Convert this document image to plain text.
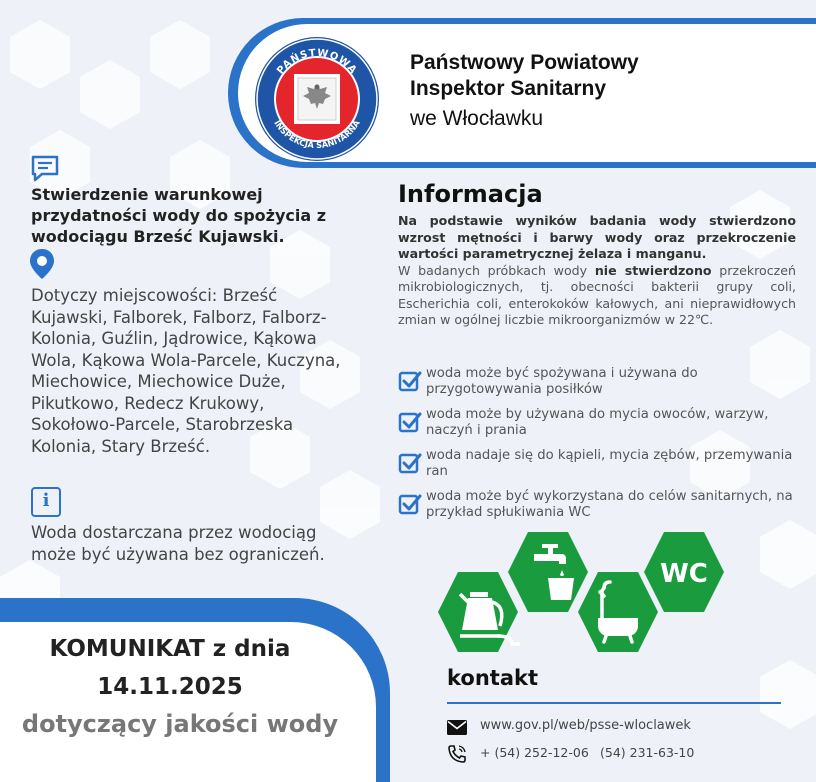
PAŃSTWOWA
INSPEKCJA SANITARNA
Państwowy Powiatowy
Inspektor Sanitarny
we Włocławku
Stwierdzenie warunkowej przydatności wody do spożycia z wodociągu Brześć Kujawski.
Dotyczy miejscowości: Brześć Kujawski, Falborek, Falborz, Falborz-Kolonia, Guźlin, Jądrowice, Kąkowa Wola, Kąkowa Wola-Parcele, Kuczyna, Miechowice, Miechowice Duże, Pikutkowo, Redecz Krukowy, Sokołowo-Parcele, Starobrzeska Kolonia, Stary Brześć.
i
Woda dostarczana przez wodociąg może być używana bez ograniczeń.
Informacja
Na podstawie wyników badania wody stwierdzono wzrost mętności i barwy wody oraz przekroczenie wartości parametrycznej żelaza i manganu.
W badanych próbkach wody nie stwierdzono przekroczeń mikrobiologicznych, tj. obecności bakterii grupy coli, Escherichia coli, enterokoków kałowych, ani nieprawidłowych zmian w ogólnej liczbie mikroorganizmów w 22℃.
woda może być spożywana i używana do przygotowywania posiłków
woda może by używana do mycia owoców, warzyw, naczyń i prania
woda nadaje się do kąpieli, mycia zębów, przemywania ran
woda może być wykorzystana do celów sanitarnych, na przykład spłukiwania WC
WC
KOMUNIKAT z dnia
14.11.2025
dotyczący jakości wody
kontakt
www.gov.pl/web/psse-wloclawek
+ (54) 252-12-06 (54) 231-63-10
